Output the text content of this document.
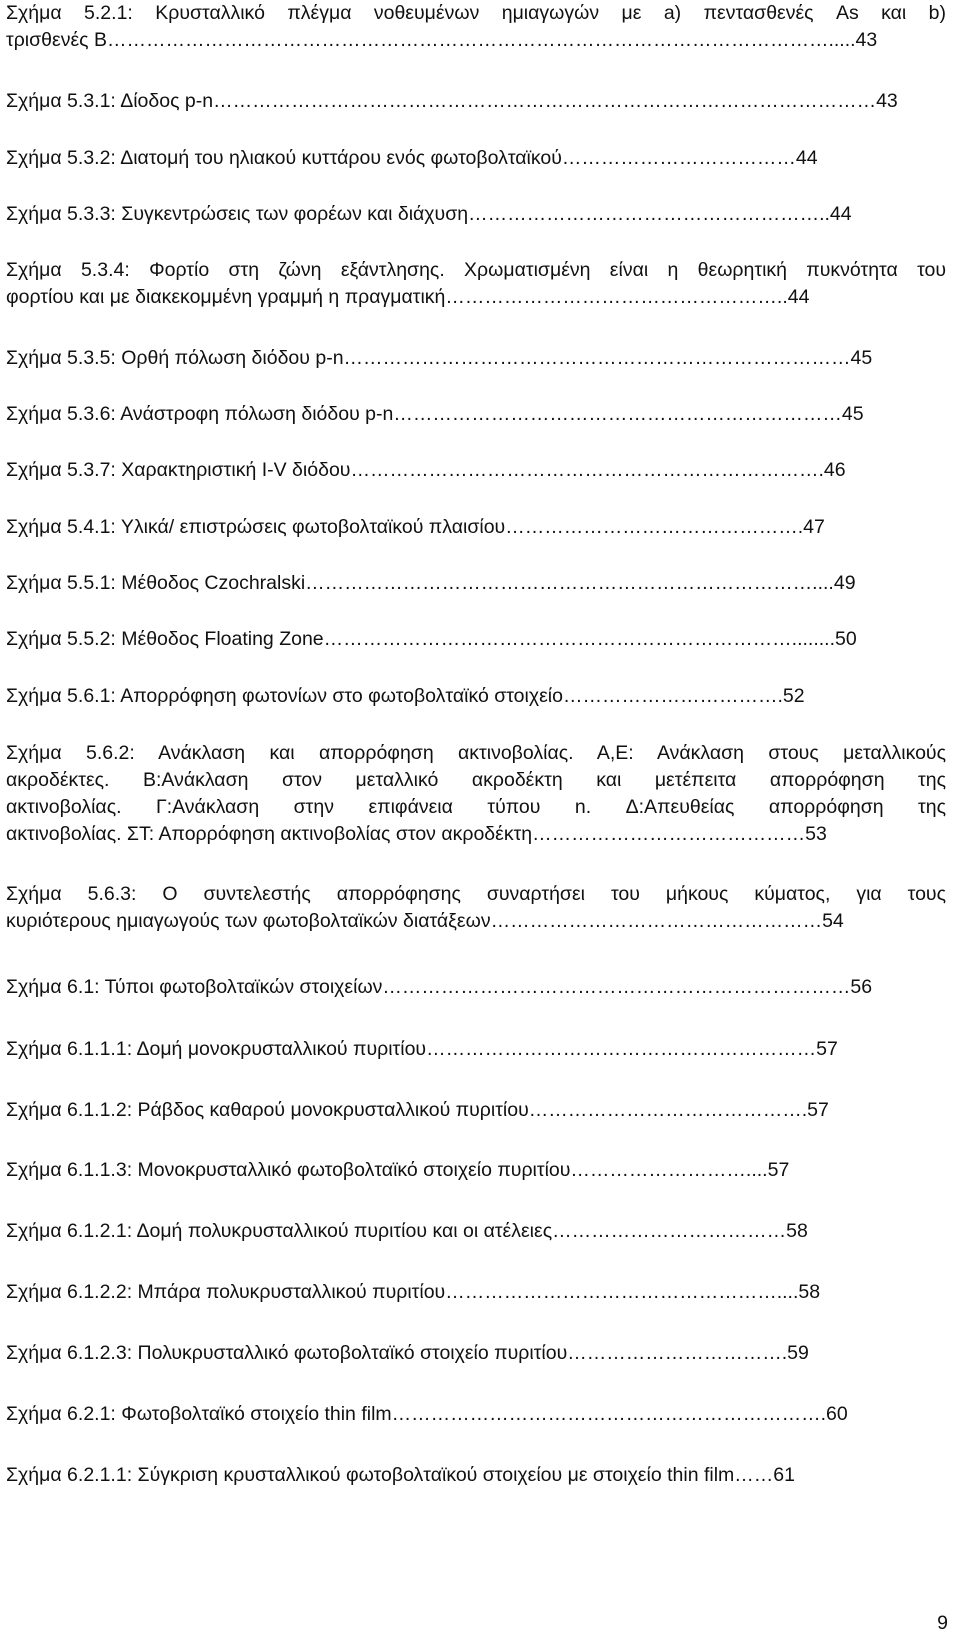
Σχήμα 5.2.1: Κρυσταλλικό πλέγμα νοθευμένων ημιαγωγών με a) πεντασθενές As και b)
τρισθενές B………………………………………………………………………………………………….....43
Σχήμα 5.3.1: Δίοδος p-n…………………………………………………………………………………………43
Σχήμα 5.3.2: Διατομή του ηλιακού κυττάρου ενός φωτοβολταϊκού………………………………44
Σχήμα 5.3.3: Συγκεντρώσεις των φορέων και διάχυση………………………………………………..44
Σχήμα 5.3.4: Φορτίο στη ζώνη εξάντλησης. Χρωματισμένη είναι η θεωρητική πυκνότητα του
φορτίου και με διακεκομμένη γραμμή η πραγματική……………………………………………..44
Σχήμα 5.3.5: Ορθή πόλωση διόδου p-n……………………………………………………………………45
Σχήμα 5.3.6: Ανάστροφη πόλωση διόδου p-n……………………………………………………………45
Σχήμα 5.3.7: Χαρακτηριστική I-V διόδου……………………………………………………………….46
Σχήμα 5.4.1: Υλικά/ επιστρώσεις φωτοβολταϊκού πλαισίου……………………………………….47
Σχήμα 5.5.1: Μέθοδος Czochralski……………………………………………………………………....49
Σχήμα 5.5.2: Μέθοδος Floating Zone………………………………………………………………........50
Σχήμα 5.6.1: Απορρόφηση φωτονίων στο φωτοβολταϊκό στοιχείο…………………………….52
Σχήμα 5.6.2: Ανάκλαση και απορρόφηση ακτινοβολίας. Α,Ε: Ανάκλαση στους μεταλλικούς
ακροδέκτες. Β:Ανάκλαση στον μεταλλικό ακροδέκτη και μετέπειτα απορρόφηση της
ακτινοβολίας. Γ:Ανάκλαση στην επιφάνεια τύπου n. Δ:Απευθείας απορρόφηση της
ακτινοβολίας. ΣΤ: Απορρόφηση ακτινοβολίας στον ακροδέκτη……………………………………53
Σχήμα 5.6.3: Ο συντελεστής απορρόφησης συναρτήσει του μήκους κύματος, για τους
κυριότερους ημιαγωγούς των φωτοβολταϊκών διατάξεων……………………………………………54
Σχήμα 6.1: Τύποι φωτοβολταϊκών στοιχείων………………………………………………………………56
Σχήμα 6.1.1.1: Δομή μονοκρυσταλλικού πυριτίου……………………………………………………57
Σχήμα 6.1.1.2: Ράβδος καθαρού μονοκρυσταλλικού πυριτίου…………………………………….57
Σχήμα 6.1.1.3: Μονοκρυσταλλικό φωτοβολταϊκό στοιχείο πυριτίου………………………....57
Σχήμα 6.1.2.1: Δομή πολυκρυσταλλικού πυριτίου και οι ατέλειες………………………………58
Σχήμα 6.1.2.2: Μπάρα πολυκρυσταλλικού πυριτίου……………………………………………....58
Σχήμα 6.1.2.3: Πολυκρυσταλλικό φωτοβολταϊκό στοιχείο πυριτίου…………………………….59
Σχήμα 6.2.1: Φωτοβολταϊκό στοιχείο thin film………………………………………………………….60
Σχήμα 6.2.1.1: Σύγκριση κρυσταλλικού φωτοβολταϊκού στοιχείου με στοιχείο thin film……61
9
